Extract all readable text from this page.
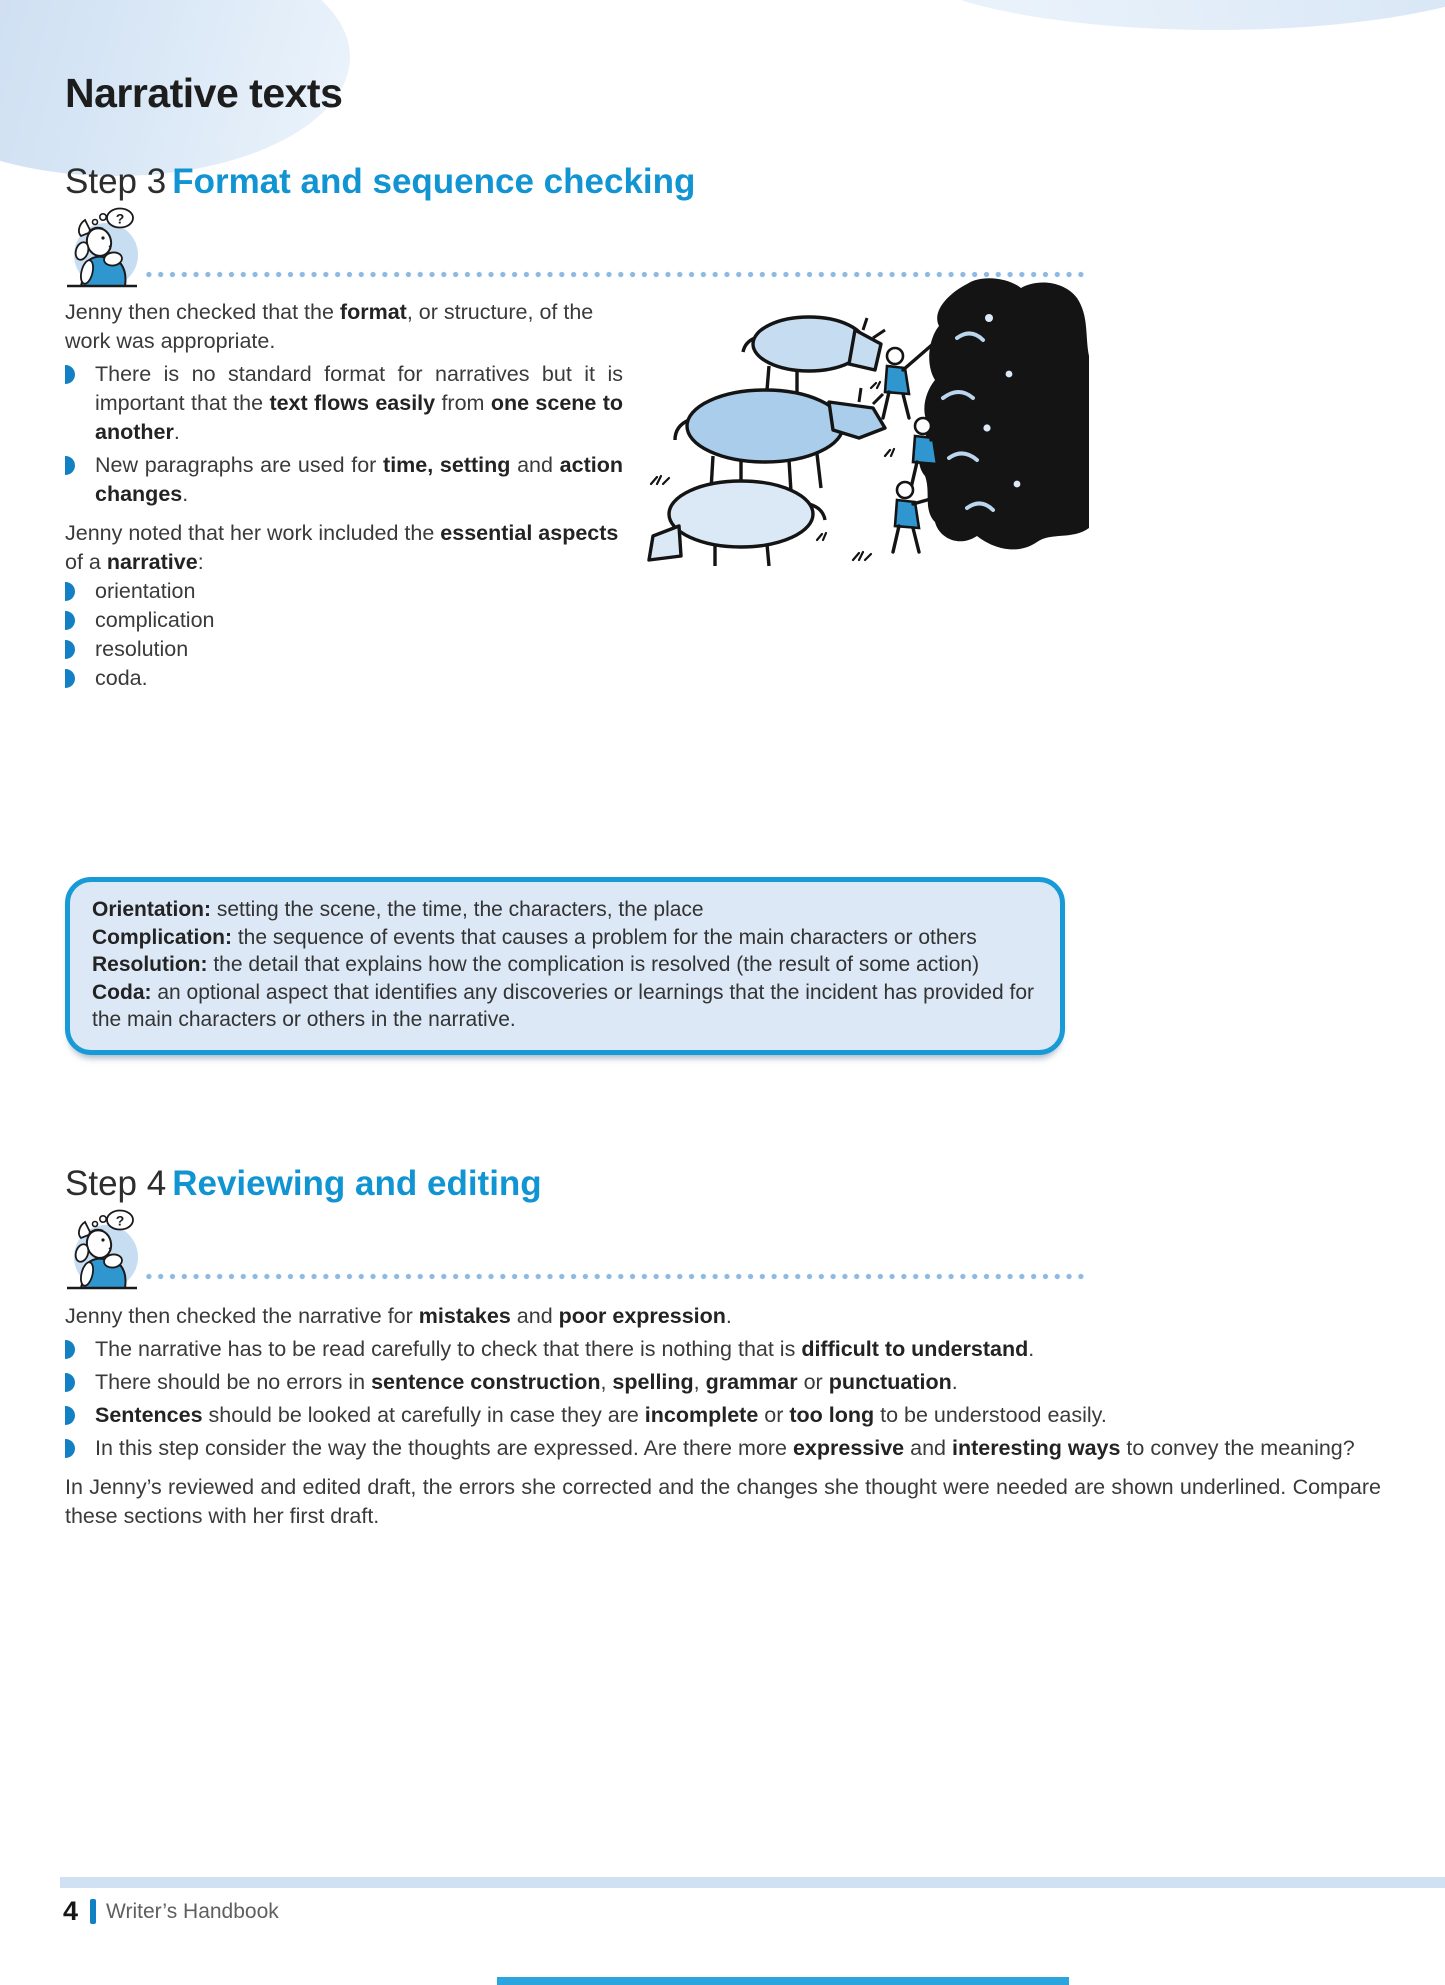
Narrative texts
Step 3 Format and sequence checking
?

Jenny then checked that the format, or structure, of the work was appropriate.

There is no standard format for narratives but it is important that the text flows easily from one scene to another.

New paragraphs are used for time, setting and action changes.

Jenny noted that her work included the essential aspects of a narrative:

orientation

complication

resolution

coda.

Orientation: setting the scene, the time, the characters, the place

Complication: the sequence of events that causes a problem for the main characters or others

Resolution: the detail that explains how the complication is resolved (the result of some action)

Coda: an optional aspect that identifies any discoveries or learnings that the incident has provided for the main characters or others in the narrative.

Step 4 Reviewing and editing
?

Jenny then checked the narrative for mistakes and poor expression.

The narrative has to be read carefully to check that there is nothing that is difficult to understand.

There should be no errors in sentence construction, spelling, grammar or punctuation.

Sentences should be looked at carefully in case they are incomplete or too long to be understood easily.

In this step consider the way the thoughts are expressed. Are there more expressive and interesting ways to convey the meaning?

In Jenny’s reviewed and edited draft, the errors she corrected and the changes she thought were needed are shown underlined. Compare these sections with her first draft.

4 Writer’s Handbook
